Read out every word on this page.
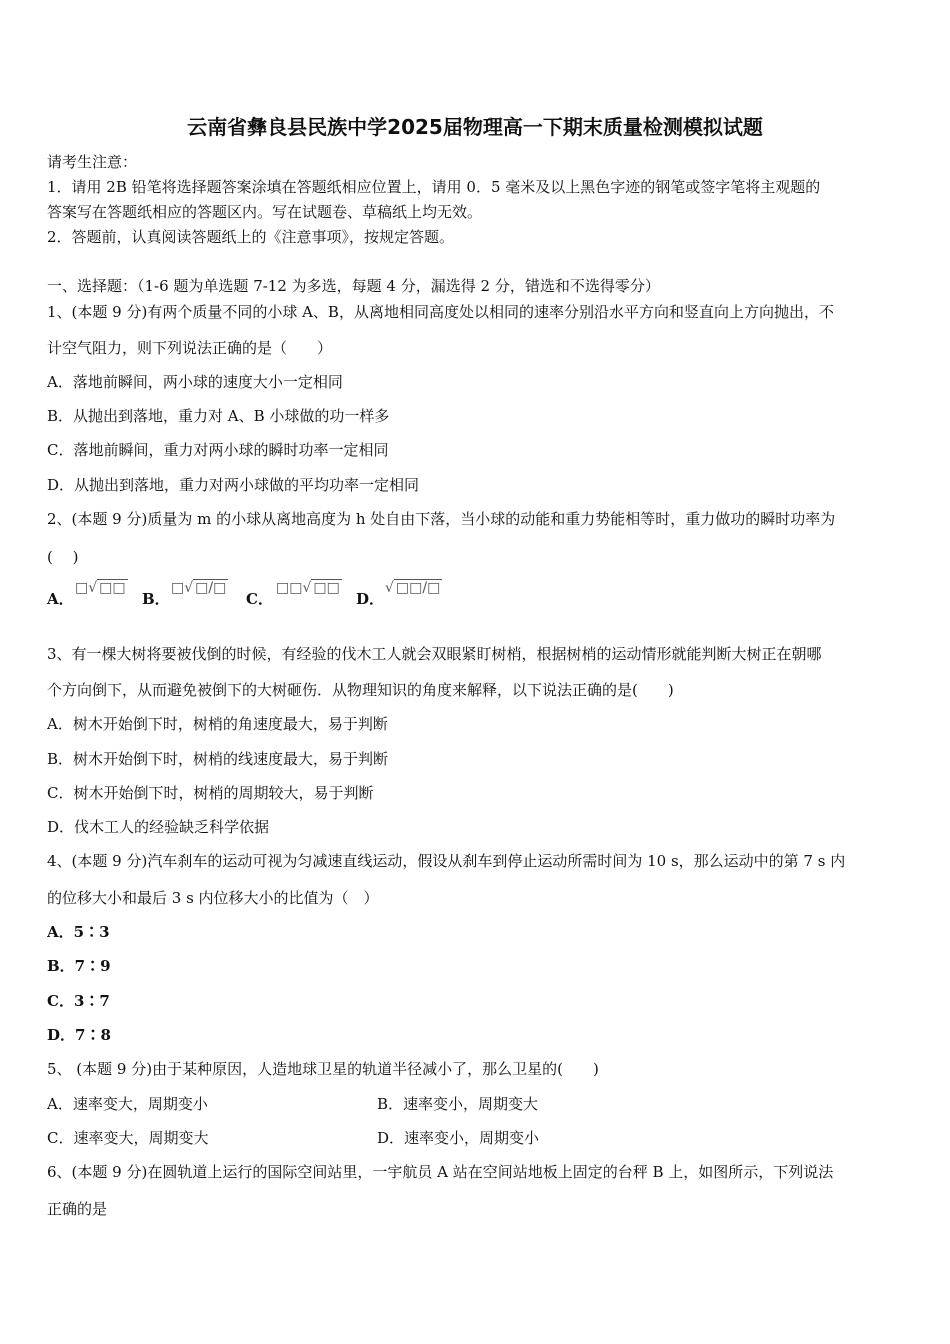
云南省彝良县民族中学2025届物理高一下期末质量检测模拟试题
请考生注意：
1．请用 2B 铅笔将选择题答案涂填在答题纸相应位置上，请用 0．5 毫米及以上黑色字迹的钢笔或签字笔将主观题的
答案写在答题纸相应的答题区内。写在试题卷、草稿纸上均无效。
2．答题前，认真阅读答题纸上的《注意事项》，按规定答题。
一、选择题：（1-6 题为单选题 7-12 为多选，每题 4 分，漏选得 2 分，错选和不选得零分）
1、(本题 9 分)有两个质量不同的小球 A、B，从离地相同高度处以相同的速率分别沿水平方向和竖直向上方向抛出，不
计空气阻力，则下列说法正确的是（　　）
A．落地前瞬间，两小球的速度大小一定相同
B．从抛出到落地，重力对 A、B 小球做的功一样多
C．落地前瞬间，重力对两小球的瞬时功率一定相同
D．从抛出到落地，重力对两小球做的平均功率一定相同
2、(本题 9 分)质量为 m 的小球从离地高度为 h 处自由下落，当小球的动能和重力势能相等时，重力做功的瞬时功率为
(　 )
A．
□√ □□
B．
□√ □/□
C．
□□√ □□
D．
√ □□/□
3、有一棵大树将要被伐倒的时候，有经验的伐木工人就会双眼紧盯树梢，根据树梢的运动情形就能判断大树正在朝哪
个方向倒下，从而避免被倒下的大树砸伤．从物理知识的角度来解释，以下说法正确的是(　　)
A．树木开始倒下时，树梢的角速度最大，易于判断
B．树木开始倒下时，树梢的线速度最大，易于判断
C．树木开始倒下时，树梢的周期较大，易于判断
D．伐木工人的经验缺乏科学依据
4、(本题 9 分)汽车刹车的运动可视为匀减速直线运动，假设从刹车到停止运动所需时间为 10 s，那么运动中的第 7 s 内
的位移大小和最后 3 s 内位移大小的比值为（　）
A．5∶3
B．7∶9
C．3∶7
D．7∶8
5、 (本题 9 分)由于某种原因，人造地球卫星的轨道半径减小了，那么卫星的(　　)
A．速率变大，周期变小	B．速率变小，周期变大
C．速率变大，周期变大	D．速率变小，周期变小
6、(本题 9 分)在圆轨道上运行的国际空间站里，一宇航员 A 站在空间站地板上固定的台秤 B 上，如图所示，下列说法
正确的是
